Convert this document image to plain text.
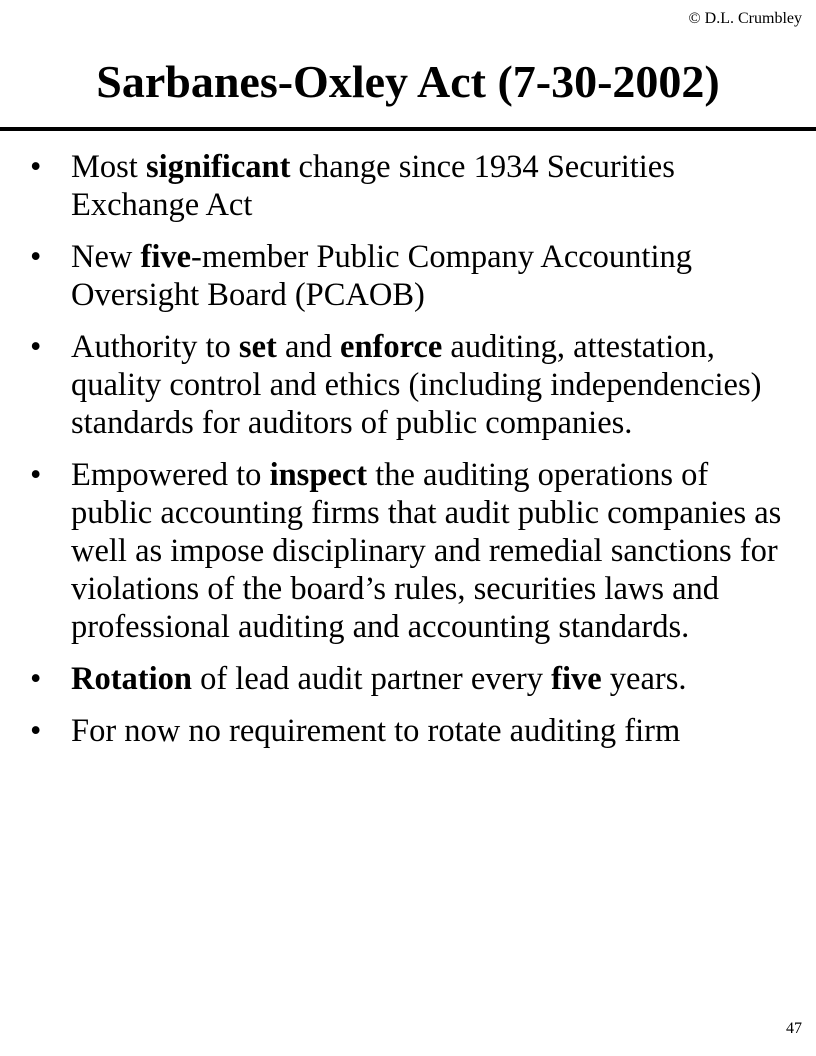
© D.L. Crumbley
Sarbanes-Oxley Act (7-30-2002)
• Most significant change since 1934 Securities Exchange Act
• New five-member Public Company Accounting Oversight Board (PCAOB)
• Authority to set and enforce auditing, attestation, quality control and ethics (including independencies) standards for auditors of public companies.
• Empowered to inspect the auditing operations of public accounting firms that audit public companies as well as impose disciplinary and remedial sanctions for violations of the board’s rules, securities laws and professional auditing and accounting standards.
• Rotation of lead audit partner every five years.
• For now no requirement to rotate auditing firm
47
